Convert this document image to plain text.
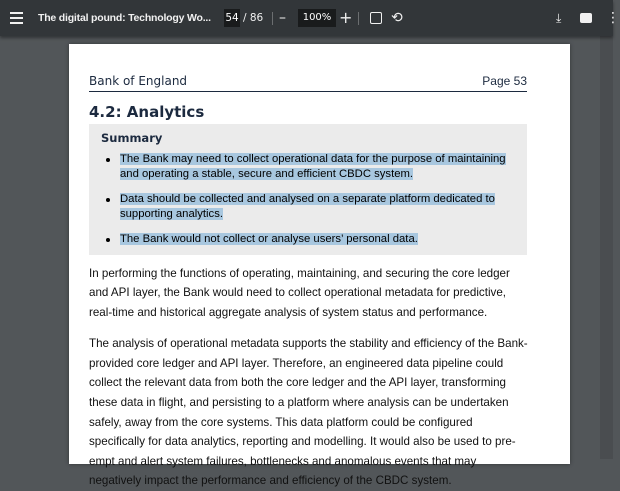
The digital pound: Technology Wo... 54 / 86 –	100% +	⟲	⤓	⋮
Bank of England	Page 53
4.2: Analytics
Summary
The Bank may need to collect operational data for the purpose of maintaining and operating a stable, secure and efficient CBDC system.
Data should be collected and analysed on a separate platform dedicated to supporting analytics.
The Bank would not collect or analyse users’ personal data.

In performing the functions of operating, maintaining, and securing the core ledger and API layer, the Bank would need to collect operational metadata for predictive, real-time and historical aggregate analysis of system status and performance.

The analysis of operational metadata supports the stability and efficiency of the Bank-provided core ledger and API layer. Therefore, an engineered data pipeline could collect the relevant data from both the core ledger and the API layer, transforming these data in flight, and persisting to a platform where analysis can be undertaken safely, away from the core systems. This data platform could be configured specifically for data analytics, reporting and modelling. It would also be used to pre-empt and alert system failures, bottlenecks and anomalous events that may negatively impact the performance and efficiency of the CBDC system.
